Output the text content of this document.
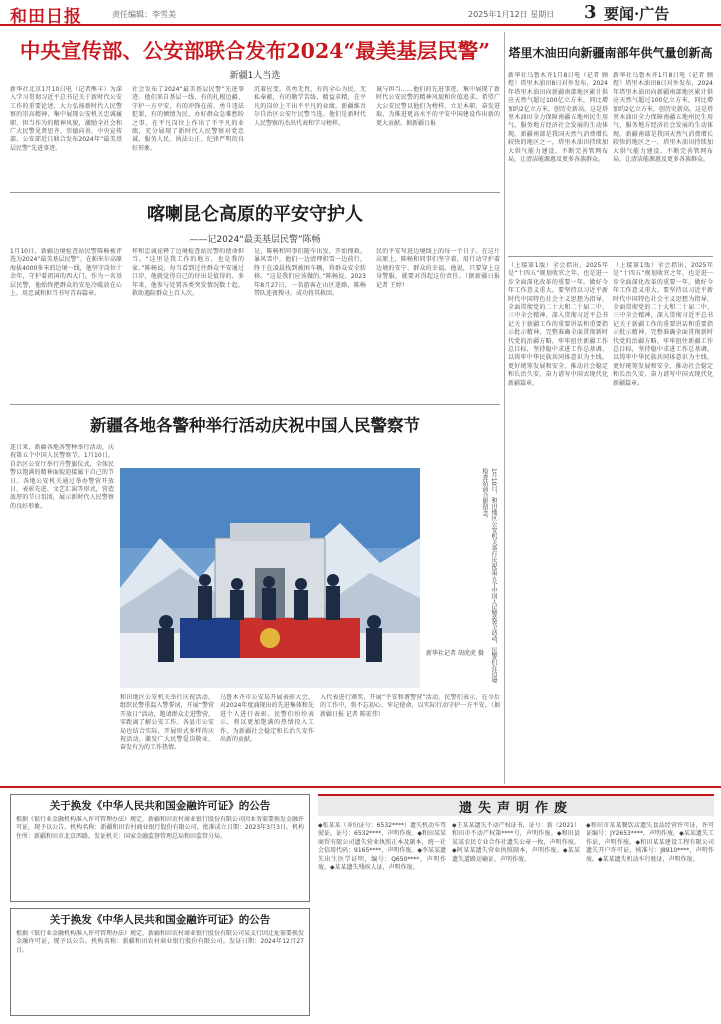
和田日报	责任编辑：李雪美	2025年1月12日 星期日 3 要闻·广告
中央宣传部、公安部联合发布2024“最美基层民警”
新疆1人当选
新华社北京1月10日电（记者熊丰）为深入学习贯彻习近平总书记关于新时代公安工作的重要论述，大力弘扬新时代人民警察的崇高精神，集中展现公安机关忠诚履职、担当作为的精神风貌，激励全社会和广大民警见贤思齐、崇德向善，中央宣传部、公安部近日联合发布2024年“最美基层民警”先进事迹。
社会发布了2024“最美基层民警”先进事迹。他们来自基层一线，有的扎根边疆、守护一方平安，有的冲锋在前、勇斗违法犯罪，有的倾情为民、办好群众急难愁盼之事，在平凡岗位上作出了不平凡的业绩，充分展现了新时代人民警察对党忠诚、服务人民、执法公正、纪律严明的良好形象。
沉着应变，英勇无畏，有的全心为民，无私奉献，有的勤学苦练，精益求精，在平凡的岗位上干出不平凡的业绩。新疆维吾尔自治区公安厅民警当选。他们是新时代人民警察的杰出代表和学习榜样。
诚与担当……他们的先进事迹，集中展现了新时代公安民警的精神风貌和价值追求。希望广大公安民警以他们为榜样，立足本职、奋发进取，为推进更高水平的平安中国建设作出新的更大贡献。据新疆日报
塔里木油田向新疆南部年供气量创新高
新华社乌鲁木齐1月8日电（记者 顾煜）塔里木油田8日对外发布，2024年塔里木油田向新疆南部地区累计供应天然气超过100亿立方米，同比增加约2亿立方米，创历史新高。这是塔里木油田全力保障南疆五地州民生用气、服务地方经济社会发展的生动体现。新疆南部是我国天然气消费增长较快的地区之一，塔里木油田持续加大供气能力建设，不断完善管网布局，让清洁能源惠及更多各族群众。
新华社乌鲁木齐1月8日电（记者 顾煜）塔里木油田8日对外发布，2024年塔里木油田向新疆南部地区累计供应天然气超过100亿立方米，同比增加约2亿立方米，创历史新高。这是塔里木油田全力保障南疆五地州民生用气、服务地方经济社会发展的生动体现。新疆南部是我国天然气消费增长较快的地区之一，塔里木油田持续加大供气能力建设，不断完善管网布局，让清洁能源惠及更多各族群众。
（上接第1版）全会指出，2025年是“十四五”规划收官之年，也是进一步全面深化改革的重要一年。做好今年工作意义重大。要坚持以习近平新时代中国特色社会主义思想为指导，全面贯彻党的二十大和二十届二中、三中全会精神，深入贯彻习近平总书记关于新疆工作的重要讲话和重要指示批示精神，完整准确全面贯彻新时代党的治疆方略，牢牢扭住新疆工作总目标，坚持稳中求进工作总基调，以铸牢中华民族共同体意识为主线，更好统筹发展和安全，推动社会稳定和长治久安，奋力谱写中国式现代化新疆篇章。
（上接第1版）全会指出，2025年是“十四五”规划收官之年，也是进一步全面深化改革的重要一年。做好今年工作意义重大。要坚持以习近平新时代中国特色社会主义思想为指导，全面贯彻党的二十大和二十届二中、三中全会精神，深入贯彻习近平总书记关于新疆工作的重要讲话和重要指示批示精神，完整准确全面贯彻新时代党的治疆方略，牢牢扭住新疆工作总目标，坚持稳中求进工作总基调，以铸牢中华民族共同体意识为主线，更好统筹发展和安全，推动社会稳定和长治久安，奋力谱写中国式现代化新疆篇章。
喀喇昆仑高原的平安守护人
——记2024“最美基层民警”陈畅
1月10日，新疆边境检查站民警陈畅被评选为2024“最美基层民警”。在帕米尔高原海拔4000多米的边境一线，他坚守岗位十余年，守护着祖国的西大门。作为一名基层民警，他始终把群众的安危冷暖放在心上，用忠诚和担当书写青春篇章。
样和忠诚诠释了边境检查站民警的使命担当。“这里是我工作的地方，也是我的家。”陈畅说，每当看到过往群众平安通过口岸，他就觉得自己的付出是值得的。多年来，他参与处置各类突发情况数十起，救助遇险群众上百人次。
是，陈畅和同事们随车出发，开始搜救。暴风雪中，他们一边清理积雪一边前行，终于在凌晨找到被困车辆，将群众安全转移。“这是我们应该做的。”陈畅说。2023年8月27日，一名游客在山区迷路，陈畅带队连夜搜寻，成功将其救回。
民的平安写进边境线上的每一个日子。在这片高原上，陈畅和同事们坚守着，用行动守护着边境的安宁、群众的幸福。他说，只要穿上这身警服，就要对得起这份责任。（据新疆日报 记者 王婷）
新疆各地各警种举行活动庆祝中国人民警察节
连日来，新疆各地各警种举行活动，庆祝第五个中国人民警察节。1月10日，自治区公安厅举行升警旗仪式，全体民警以饱满的精神面貌迎接属于自己的节日。各地公安机关通过举办警营开放日、表彰先进、文艺汇演等形式，营造浓厚的节日氛围，展示新时代人民警察的良好形象。
和田地区公安机关举行庆祝活动，组织民警重温入警誓词，开展“警营开放日”活动，邀请群众走进警营，零距离了解公安工作。各县市公安局也结合实际，开展形式多样的庆祝活动，激发广大民警爱岗敬业、奋发有为的工作热情。
乌鲁木齐市公安局开展表彰大会，对2024年度涌现出的先进集体和先进个人进行表彰。民警们纷纷表示，将以更加饱满的热情投入工作，为新疆社会稳定和长治久安作出新的贡献。
入代表进行颁奖，开展“平安和谐警营”活动。民警们表示，在今后的工作中，将不忘初心、牢记使命，以实际行动守护一方平安。（据新疆日报 记者 陈宏伟）
1月10日，和田地区公安机关举行庆祝第五个中国人民警察节活动，民警们在边境检查站前合影留念。
新华社记者 胡虎虎 摄
关于换发《中华人民共和国金融许可证》的公告
根据《银行业金融机构准入许可管理办法》规定，新疆和田农村商业银行股份有限公司因业务需要换发金融许可证，现予以公告。机构名称：新疆和田农村商业银行股份有限公司。批准成立日期：2023年3月3日。机构住所：新疆和田市北京西路。发证机关：国家金融监督管理总局和田监管分局。
关于换发《中华人民共和国金融许可证》的公告
根据《银行业金融机构准入许可管理办法》规定，新疆和田农村商业银行股份有限公司某支行因迁址需要换发金融许可证，现予以公告。机构名称：新疆和田农村商业银行股份有限公司。发证日期：2024年12月27日。
遗失声明作废
◆张某某（身份证号：6532****）遗失机动车驾驶证，证号：6532****，声明作废。◆和田某某商贸有限公司遗失营业执照正本及副本，统一社会信用代码：9165****，声明作废。◆李某某遗失出生医学证明，编号：Q650****，声明作废。◆某某遗失残疾人证，声明作废。
◆王某某遗失不动产权证书，证号：新（2021）和田市不动产权第****号，声明作废。◆和田县某某农民专业合作社遗失公章一枚，声明作废。◆阿某某遗失营业执照副本，声明作废。◆某某遗失道路运输证，声明作废。
◆和田市某某餐饮店遗失食品经营许可证，许可证编号：JY2653****，声明作废。◆某某遗失工作证，声明作废。◆和田某某建设工程有限公司遗失开户许可证，核准号：J8910****，声明作废。◆某某遗失机动车行驶证，声明作废。
